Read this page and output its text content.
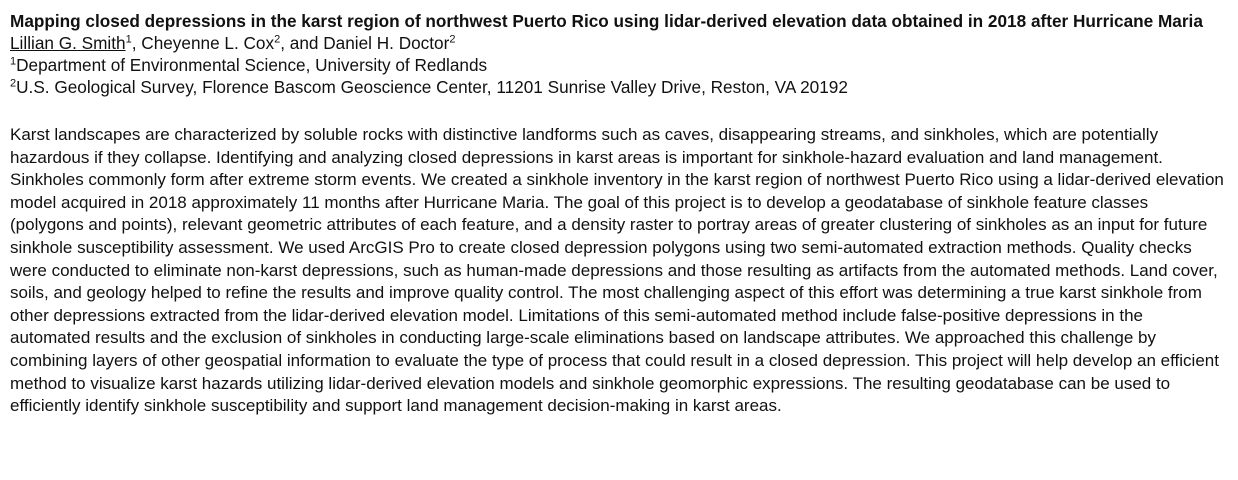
Mapping closed depressions in the karst region of northwest Puerto Rico using lidar-derived elevation data obtained in 2018 after Hurricane Maria

Lillian G. Smith$^1$, Cheyenne L. Cox$^2$, and Daniel H. Doctor$^2$

$^1$Department of Environmental Science, University of Redlands

$^2$U.S. Geological Survey, Florence Bascom Geoscience Center, 11201 Sunrise Valley Drive, Reston, VA 20192

Karst landscapes are characterized by soluble rocks with distinctive landforms such as caves, disappearing streams, and sinkholes, which are potentially hazardous if they collapse. Identifying and analyzing closed depressions in karst areas is important for sinkhole-hazard evaluation and land management. Sinkholes commonly form after extreme storm events. We created a sinkhole inventory in the karst region of northwest Puerto Rico using a lidar-derived elevation model acquired in 2018 approximately 11 months after Hurricane Maria. The goal of this project is to develop a geodatabase of sinkhole feature classes (polygons and points), relevant geometric attributes of each feature, and a density raster to portray areas of greater clustering of sinkholes as an input for future sinkhole susceptibility assessment. We used ArcGIS Pro to create closed depression polygons using two semi-automated extraction methods. Quality checks were conducted to eliminate non-karst depressions, such as human-made depressions and those resulting as artifacts from the automated methods. Land cover, soils, and geology helped to refine the results and improve quality control. The most challenging aspect of this effort was determining a true karst sinkhole from other depressions extracted from the lidar-derived elevation model. Limitations of this semi-automated method include false-positive depressions in the automated results and the exclusion of sinkholes in conducting large-scale eliminations based on landscape attributes. We approached this challenge by combining layers of other geospatial information to evaluate the type of process that could result in a closed depression. This project will help develop an efficient method to visualize karst hazards utilizing lidar-derived elevation models and sinkhole geomorphic expressions. The resulting geodatabase can be used to efficiently identify sinkhole susceptibility and support land management decision-making in karst areas.
